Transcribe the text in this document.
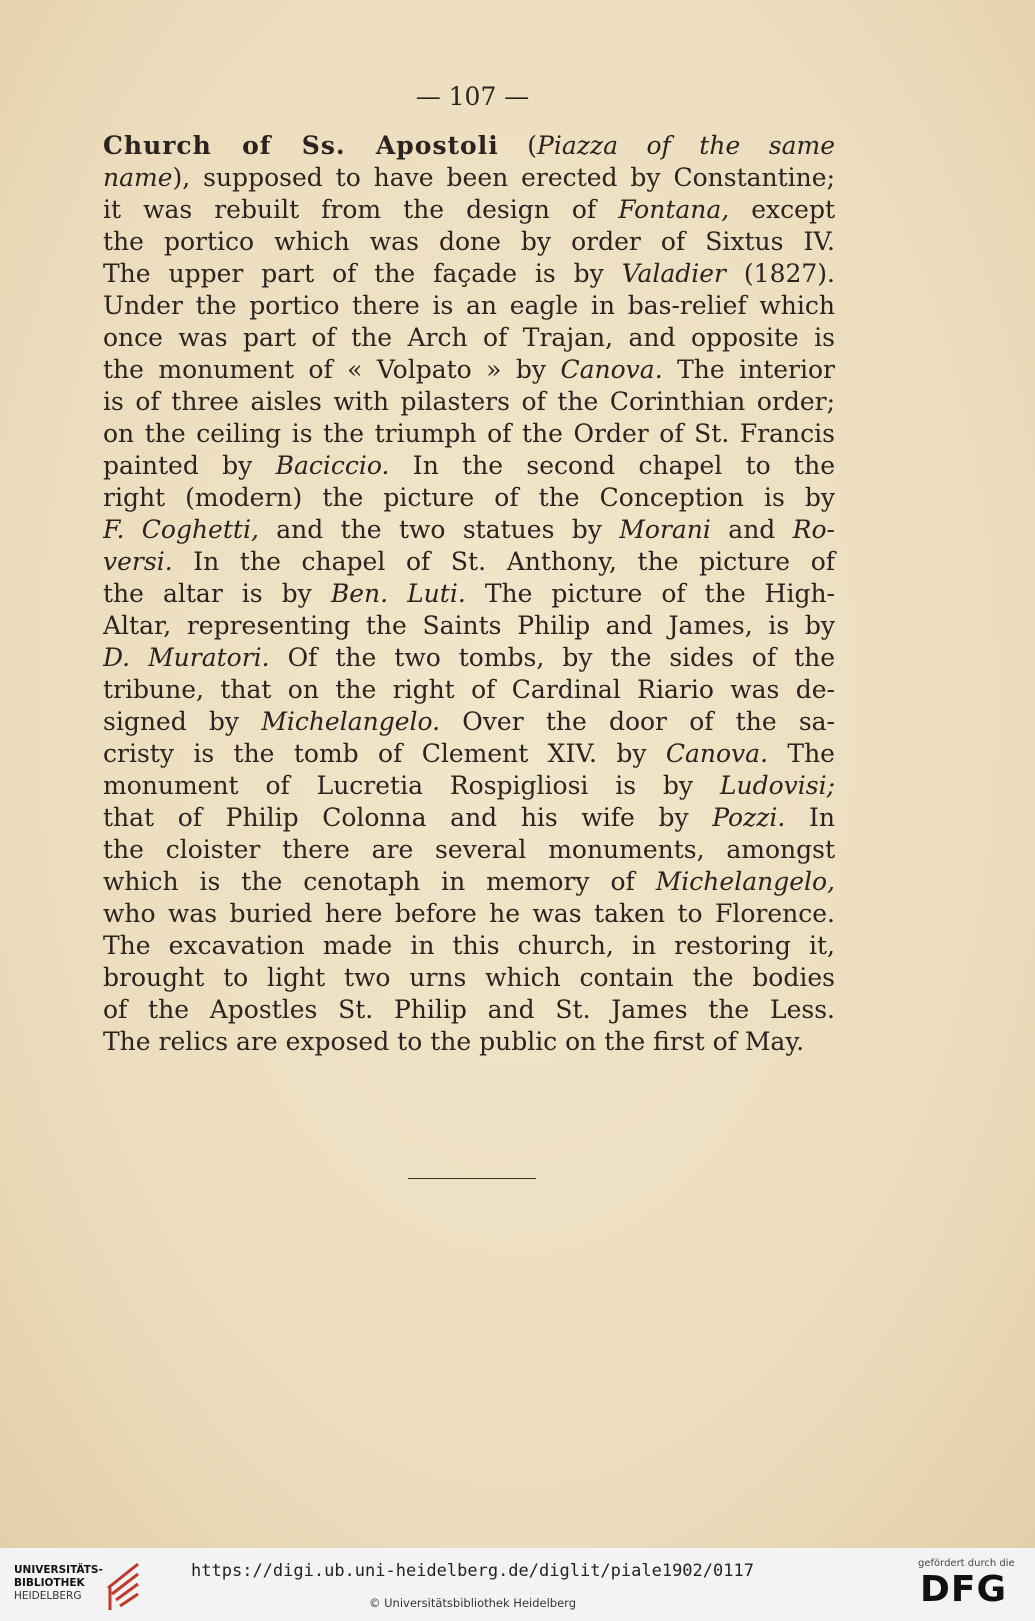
— 107 —
Church of Ss. Apostoli (Piazza of the same
name), supposed to have been erected by Constantine;
it was rebuilt from the design of Fontana, except
the portico which was done by order of Sixtus IV.
The upper part of the façade is by Valadier (1827).
Under the portico there is an eagle in bas-relief which
once was part of the Arch of Trajan, and opposite is
the monument of « Volpato » by Canova. The interior
is of three aisles with pilasters of the Corinthian order;
on the ceiling is the triumph of the Order of St. Francis
painted by Baciccio. In the second chapel to the
right (modern) the picture of the Conception is by
F. Coghetti, and the two statues by Morani and Ro-
versi. In the chapel of St. Anthony, the picture of
the altar is by Ben. Luti. The picture of the High-
Altar, representing the Saints Philip and James, is by
D. Muratori. Of the two tombs, by the sides of the
tribune, that on the right of Cardinal Riario was de-
signed by Michelangelo. Over the door of the sa-
cristy is the tomb of Clement XIV. by Canova. The
monument of Lucretia Rospigliosi is by Ludovisi;
that of Philip Colonna and his wife by Pozzi. In
the cloister there are several monuments, amongst
which is the cenotaph in memory of Michelangelo,
who was buried here before he was taken to Florence.
The excavation made in this church, in restoring it,
brought to light two urns which contain the bodies
of the Apostles St. Philip and St. James the Less.
The relics are exposed to the public on the first of May.
UNIVERSITÄTS-
BIBLIOTHEK
HEIDELBERG
https://digi.ub.uni-heidelberg.de/diglit/piale1902/0117
© Universitätsbibliothek Heidelberg
gefördert durch die
DFG
